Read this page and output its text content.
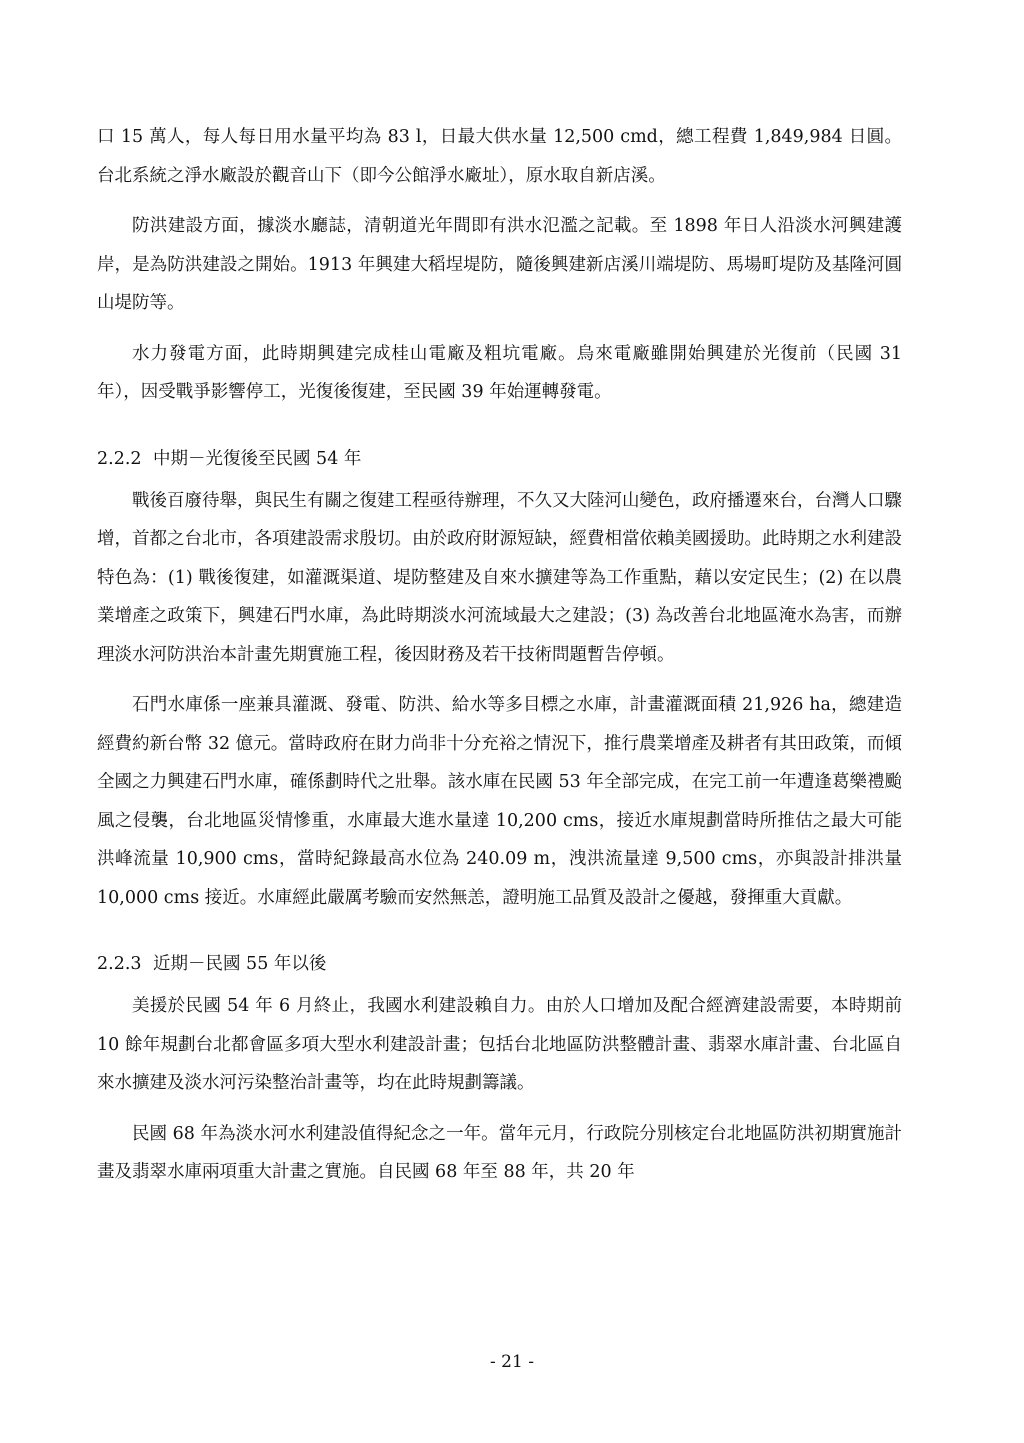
口 15 萬人，每人每日用水量平均為 83 l，日最大供水量 12,500 cmd，總工程費 1,849,984 日圓。台北系統之淨水廠設於觀音山下（即今公館淨水廠址），原水取自新店溪。

防洪建設方面，據淡水廳誌，清朝道光年間即有洪水氾濫之記載。至 1898 年日人沿淡水河興建護岸，是為防洪建設之開始。1913 年興建大稻埕堤防，隨後興建新店溪川端堤防、馬場町堤防及基隆河圓山堤防等。

水力發電方面，此時期興建完成桂山電廠及粗坑電廠。烏來電廠雖開始興建於光復前（民國 31 年），因受戰爭影響停工，光復後復建，至民國 39 年始運轉發電。

2.2.2 中期－光復後至民國 54 年

戰後百廢待舉，與民生有關之復建工程亟待辦理，不久又大陸河山變色，政府播遷來台，台灣人口驟增，首都之台北市，各項建設需求殷切。由於政府財源短缺，經費相當依賴美國援助。此時期之水利建設特色為：(1) 戰後復建，如灌溉渠道、堤防整建及自來水擴建等為工作重點，藉以安定民生；(2) 在以農業增產之政策下，興建石門水庫，為此時期淡水河流域最大之建設；(3) 為改善台北地區淹水為害，而辦理淡水河防洪治本計畫先期實施工程，後因財務及若干技術問題暫告停頓。

石門水庫係一座兼具灌溉、發電、防洪、給水等多目標之水庫，計畫灌溉面積 21,926 ha，總建造經費約新台幣 32 億元。當時政府在財力尚非十分充裕之情況下，推行農業增產及耕者有其田政策，而傾全國之力興建石門水庫，確係劃時代之壯舉。該水庫在民國 53 年全部完成，在完工前一年遭逢葛樂禮颱風之侵襲，台北地區災情慘重，水庫最大進水量達 10,200 cms，接近水庫規劃當時所推估之最大可能洪峰流量 10,900 cms，當時紀錄最高水位為 240.09 m，洩洪流量達 9,500 cms，亦與設計排洪量 10,000 cms 接近。水庫經此嚴厲考驗而安然無恙，證明施工品質及設計之優越，發揮重大貢獻。

2.2.3 近期－民國 55 年以後

美援於民國 54 年 6 月終止，我國水利建設賴自力。由於人口增加及配合經濟建設需要，本時期前 10 餘年規劃台北都會區多項大型水利建設計畫；包括台北地區防洪整體計畫、翡翠水庫計畫、台北區自來水擴建及淡水河污染整治計畫等，均在此時規劃籌議。

民國 68 年為淡水河水利建設值得紀念之一年。當年元月，行政院分別核定台北地區防洪初期實施計畫及翡翠水庫兩項重大計畫之實施。自民國 68 年至 88 年，共 20 年

- 21 -
